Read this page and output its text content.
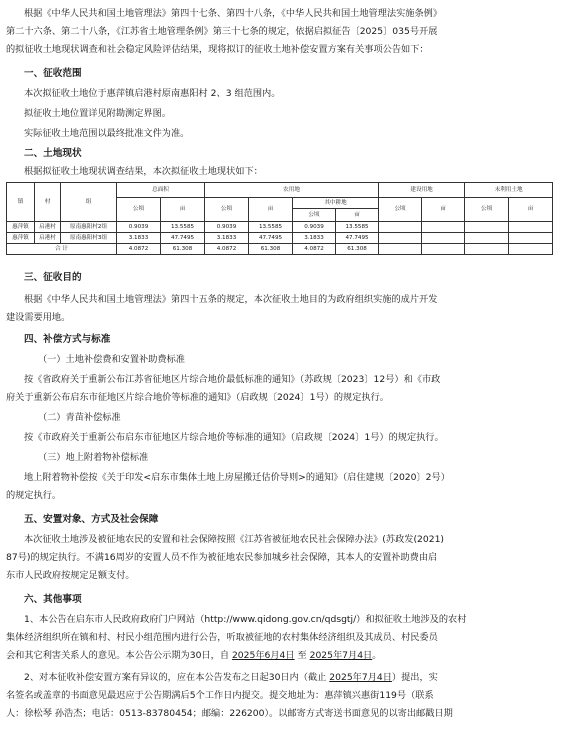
根据《中华人民共和国土地管理法》第四十七条、第四十八条，《中华人民共和国土地管理法实施条例》
第二十六条、第二十八条，《江苏省土地管理条例》第三十七条的规定，依据启拟征告〔2025〕035号开展
的拟征收土地现状调查和社会稳定风险评估结果，现将拟订的征收土地补偿安置方案有关事项公告如下：
一、征收范围
本次拟征收土地位于惠萍镇启港村原南惠阳村 2、3 组范围内。
拟征收土地位置详见附勘测定界图。
实际征收土地范围以最终批准文件为准。
二、土地现状
根据拟征收土地现状调查结果，本次拟征收土地现状如下：
镇	村	组	总面积		农用地				建设用地		未利用土地	
			公顷	亩	公顷	亩	其中耕地		公顷	亩	公顷	亩
							公顷	亩				
惠萍镇	启港村	原南惠阳村2组	0.9039	13.5585	0.9039	13.5585	0.9039	13.5585				
惠萍镇	启港村	原南惠阳村3组	3.1833	47.7495	3.1833	47.7495	3.1833	47.7495				
合 计			4.0872	61.308	4.0872	61.308	4.0872	61.308				
三、征收目的
根据《中华人民共和国土地管理法》第四十五条的规定，本次征收土地目的为政府组织实施的成片开发
建设需要用地。
四、补偿方式与标准
（一）土地补偿费和安置补助费标准
按《省政府关于重新公布江苏省征地区片综合地价最低标准的通知》（苏政规〔2023〕12号）和《市政
府关于重新公布启东市征地区片综合地价等标准的通知》（启政规〔2024〕1号）的规定执行。
（二）青苗补偿标准
按《市政府关于重新公布启东市征地区片综合地价等标准的通知》（启政规〔2024〕1号）的规定执行。
（三）地上附着物补偿标准
地上附着物补偿按《关于印发<启东市集体土地上房屋搬迁估价导则>的通知》（启住建规〔2020〕2号）
的规定执行。
五、安置对象、方式及社会保障
本次征收土地涉及被征地农民的安置和社会保障按照《江苏省被征地农民社会保障办法》(苏政发(2021)
87号)的规定执行。不满16周岁的安置人员不作为被征地农民参加城乡社会保障，其本人的安置补助费由启
东市人民政府按规定足额支付。
六、其他事项
1、本公告在启东市人民政府政府门户网站（http://www.qidong.gov.cn/qdsgtj/）和拟征收土地涉及的农村
集体经济组织所在镇和村、村民小组范围内进行公告，听取被征地的农村集体经济组织及其成员、村民委员
会和其它利害关系人的意见。本公告公示期为30日，自 2025年6月4日 至 2025年7月4日。
2、对本征收补偿安置方案有异议的，应在本公告发布之日起30日内（截止 2025年7月4日）提出，实
名签名或盖章的书面意见最迟应于公告期满后5个工作日内提交。提交地址为：惠萍镇兴惠街119号（联系
人：徐松琴 孙浩杰；电话：0513-83780454；邮编：226200）。以邮寄方式寄送书面意见的以寄出邮戳日期
